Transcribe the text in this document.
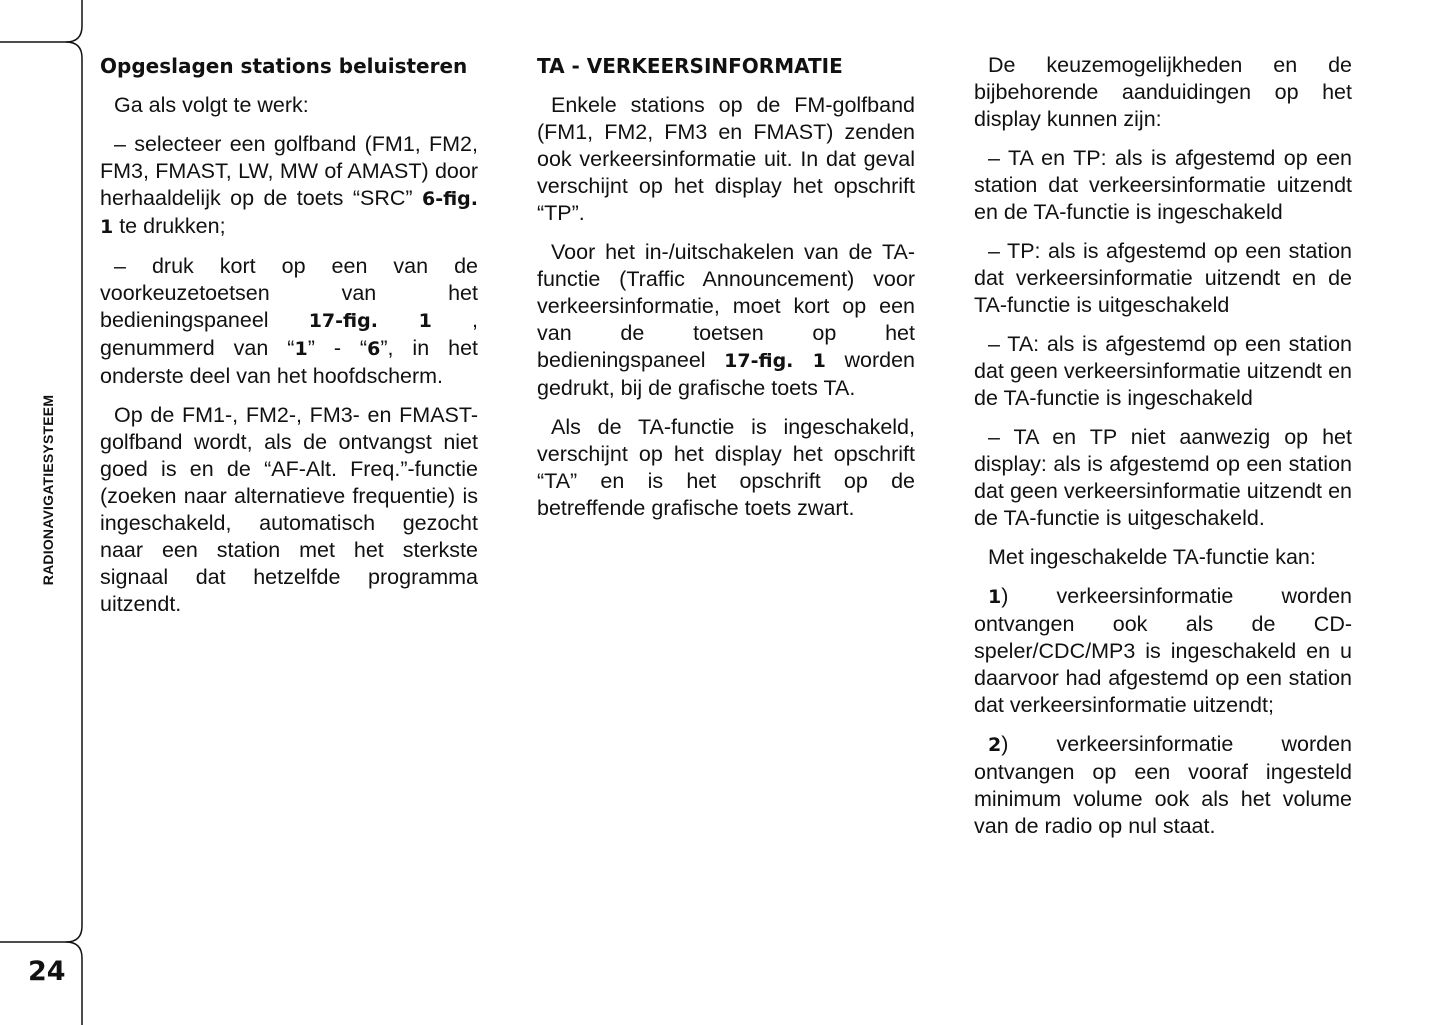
RADIONAVIGATIESYSTEEM
24
Opgeslagen stations beluisteren

Ga als volgt te werk:

– selecteer een golfband (FM1, FM2, FM3, FMAST, LW, MW of AMAST) door herhaaldelijk op de toets “SRC” 6-fig. 1 te drukken;

– druk kort op een van de voorkeuzetoetsen van het bedieningspaneel 17-fig. 1 , genummerd van “1” - “6”, in het onderste deel van het hoofdscherm.

Op de FM1-, FM2-, FM3- en FMAST-golfband wordt, als de ontvangst niet goed is en de “AF-Alt. Freq.”-functie (zoeken naar alternatieve frequentie) is ingeschakeld, automatisch gezocht naar een station met het sterkste signaal dat hetzelfde programma uitzendt.

TA - VERKEERSINFORMATIE

Enkele stations op de FM-golfband (FM1, FM2, FM3 en FMAST) zenden ook verkeersinformatie uit. In dat geval verschijnt op het display het opschrift “TP”.

Voor het in-/uitschakelen van de TA-functie (Traffic Announcement) voor verkeersinformatie, moet kort op een van de toetsen op het bedieningspaneel 17-fig. 1 worden gedrukt, bij de grafische toets TA.

Als de TA-functie is ingeschakeld, verschijnt op het display het opschrift “TA” en is het opschrift op de betreffende grafische toets zwart.

De keuzemogelijkheden en de bijbehorende aanduidingen op het display kunnen zijn:

– TA en TP: als is afgestemd op een station dat verkeersinformatie uitzendt en de TA-functie is ingeschakeld

– TP: als is afgestemd op een station dat verkeersinformatie uitzendt en de TA-functie is uitgeschakeld

– TA: als is afgestemd op een station dat geen verkeersinformatie uitzendt en de TA-functie is ingeschakeld

– TA en TP niet aanwezig op het display: als is afgestemd op een station dat geen verkeersinformatie uitzendt en de TA-functie is uitgeschakeld.

Met ingeschakelde TA-functie kan:

1) verkeersinformatie worden ontvangen ook als de CD-speler/CDC/MP3 is ingeschakeld en u daarvoor had afgestemd op een station dat verkeersinformatie uitzendt;

2) verkeersinformatie worden ontvangen op een vooraf ingesteld minimum volume ook als het volume van de radio op nul staat.
